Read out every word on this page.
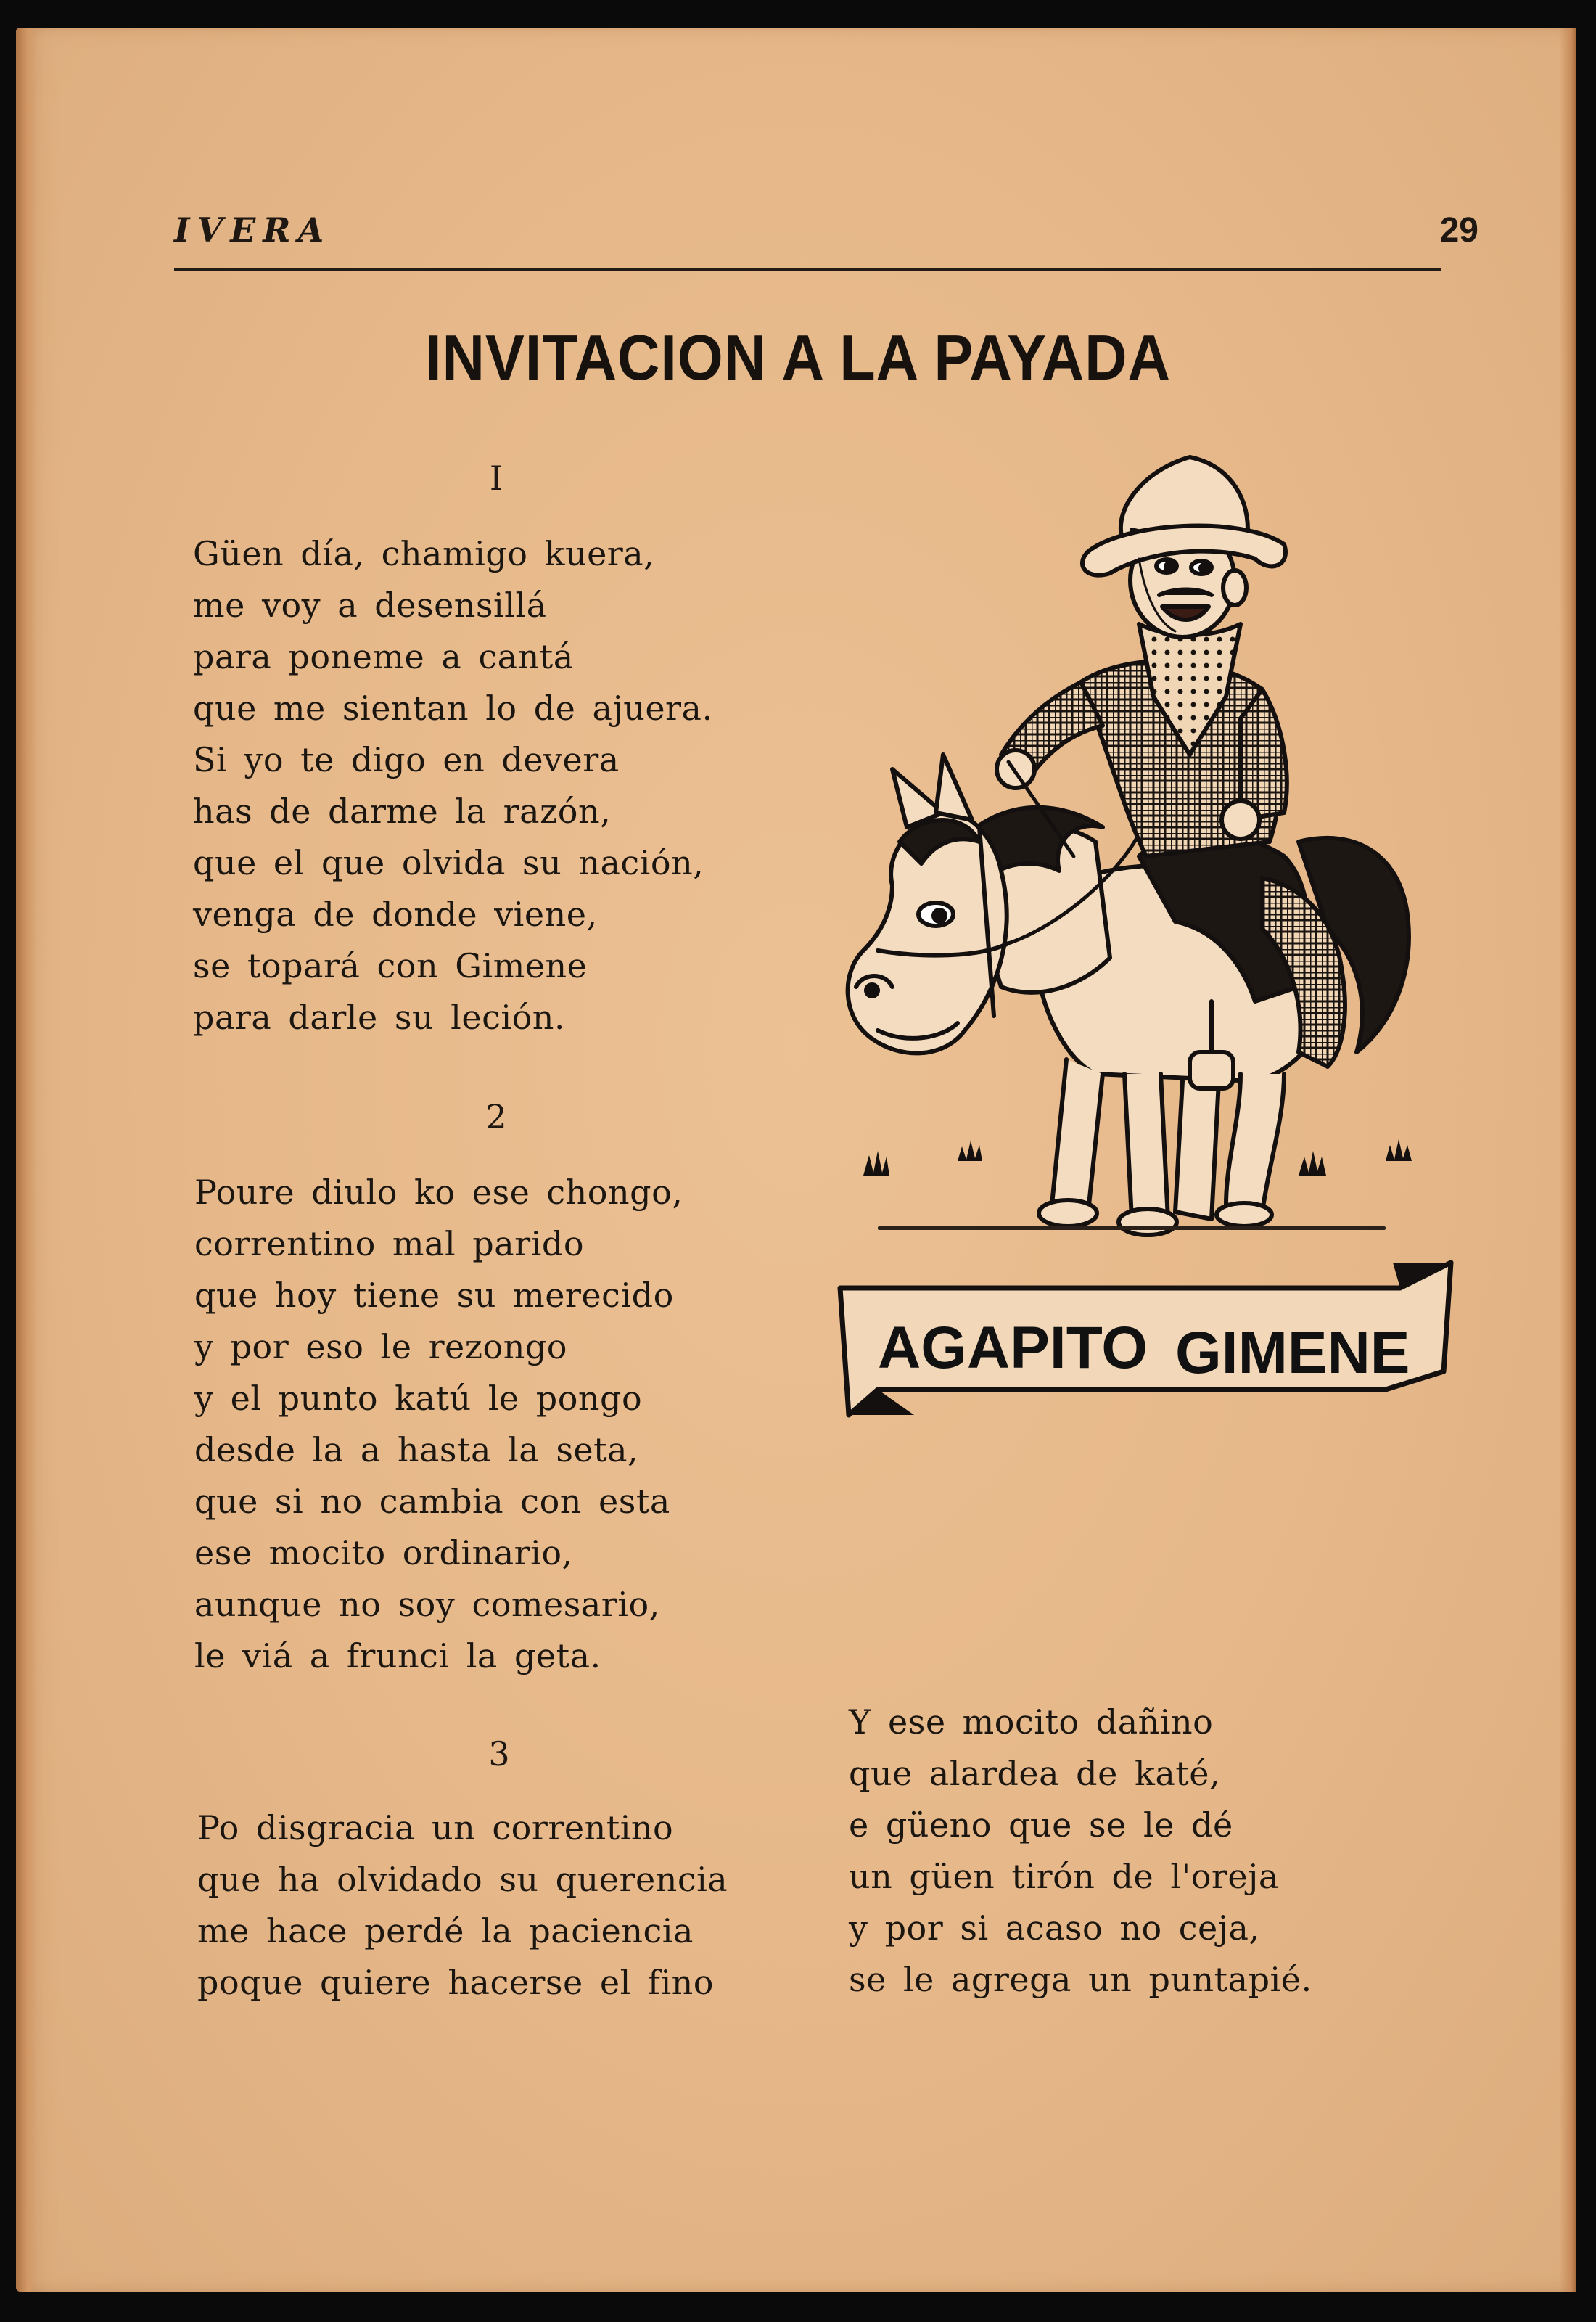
IVERA	29
INVITACION A LA PAYADA
I
Güen día, chamigo kuera,
me voy a desensillá
para poneme a cantá
que me sientan lo de ajuera.
Si yo te digo en devera
has de darme la razón,
que el que olvida su nación,
venga de donde viene,
se topará con Gimene
para darle su leción.
2
Poure diulo ko ese chongo,
correntino mal parido
que hoy tiene su merecido
y por eso le rezongo
y el punto katú le pongo
desde la a hasta la seta,
que si no cambia con esta
ese mocito ordinario,
aunque no soy comesario,
le viá a frunci la geta.
3
Po disgracia un correntino
que ha olvidado su querencia
me hace perdé la paciencia
poque quiere hacerse el fino
Y ese mocito dañino
que alardea de katé,
e güeno que se le dé
un güen tirón de l'oreja
y por si acaso no ceja,
se le agrega un puntapié.
AGAPITO GIMENE
